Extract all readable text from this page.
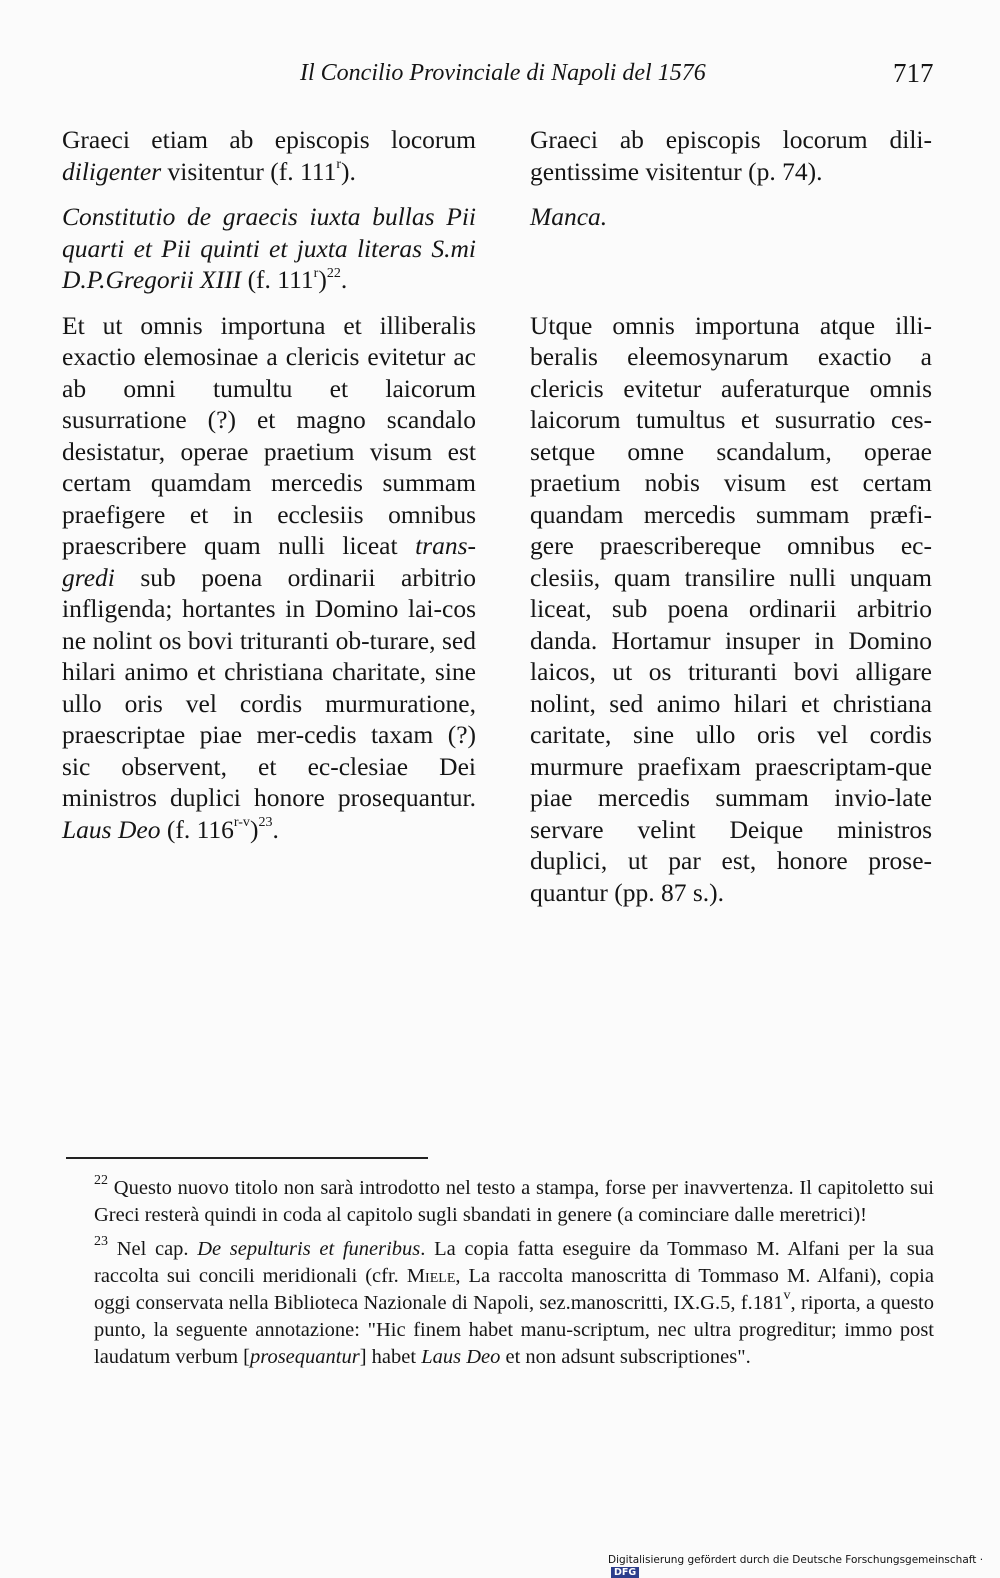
Il Concilio Provinciale di Napoli del 1576	717

Graeci etiam ab episcopis locorum diligenter visitentur (f. 111$^r$).

Constitutio de graecis iuxta bullas Pii quarti et Pii quinti et juxta literas S.mi D.P.Gregorii XIII (f. 111$^r$)$^{22}$.

Et ut omnis importuna et illiberalis exactio elemosinae a clericis evitetur ac ab omni tumultu et laicorum susurratione (?) et magno scandalo desistatur, operae praetium visum est certam quamdam mercedis summam praefigere et in ecclesiis omnibus praescribere quam nulli liceat trans-gredi sub poena ordinarii arbitrio infligenda; hortantes in Domino lai-cos ne nolint os bovi trituranti ob-turare, sed hilari animo et christiana charitate, sine ullo oris vel cordis murmuratione, praescriptae piae mer-cedis taxam (?) sic observent, et ec-clesiae Dei ministros duplici honore prosequantur. Laus Deo (f. 116$^{r-v}$)$^{23}$.

Graeci ab episcopis locorum dili-gentissime visitentur (p. 74).

Manca.

Utque omnis importuna atque illi-beralis eleemosynarum exactio a clericis evitetur auferaturque omnis laicorum tumultus et susurratio ces-setque omne scandalum, operae praetium nobis visum est certam quandam mercedis summam præfi-gere praescribereque omnibus ec-clesiis, quam transilire nulli unquam liceat, sub poena ordinarii arbitrio danda. Hortamur insuper in Domino laicos, ut os trituranti bovi alligare nolint, sed animo hilari et christiana caritate, sine ullo oris vel cordis murmure praefixam praescriptam-que piae mercedis summam invio-late servare velint Deique ministros duplici, ut par est, honore prose-quantur (pp. 87 s.).

$^{22}$ Questo nuovo titolo non sarà introdotto nel testo a stampa, forse per inavvertenza. Il capitoletto sui Greci resterà quindi in coda al capitolo sugli sbandati in genere (a cominciare dalle meretrici)!

$^{23}$ Nel cap. De sepulturis et funeribus. La copia fatta eseguire da Tommaso M. Alfani per la sua raccolta sui concili meridionali (cfr. Miele, La raccolta manoscritta di Tommaso M. Alfani), copia oggi conservata nella Biblioteca Nazionale di Napoli, sez.manoscritti, IX.G.5, f.181$^v$, riporta, a questo punto, la seguente annotazione: "Hic finem habet manu-scriptum, nec ultra progreditur; immo post laudatum verbum [prosequantur] habet Laus Deo et non adsunt subscriptiones".

Digitalisierung gefördert durch die Deutsche Forschungsgemeinschaft ·DFG
